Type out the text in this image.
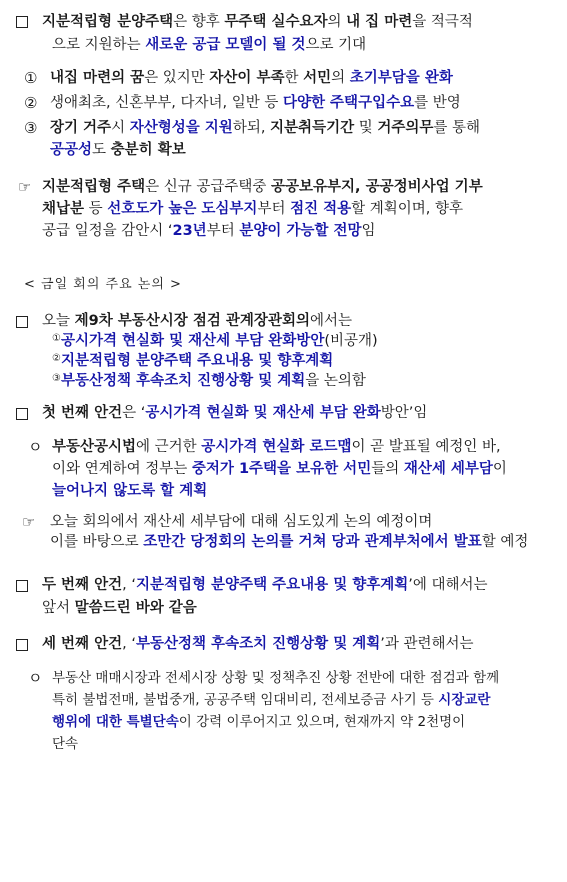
지분적립형 분양주택은 향후 무주택 실수요자의 내 집 마련을 적극적
으로 지원하는 새로운 공급 모델이 될 것으로 기대
① 내집 마련의 꿈은 있지만 자산이 부족한 서민의 초기부담을 완화
② 생애최초, 신혼부부, 다자녀, 일반 등 다양한 주택구입수요를 반영
③ 장기 거주시 자산형성을 지원하되, 지분취득기간 및 거주의무를 통해
공공성도 충분히 확보
☞ 지분적립형 주택은 신규 공급주택중 공공보유부지, 공공정비사업 기부
채납분 등 선호도가 높은 도심부지부터 점진 적용할 계획이며, 향후
공급 일정을 감안시 ‘23년부터 분양이 가능할 전망임
< 금일 회의 주요 논의 >
오늘 제9차 부동산시장 점검 관계장관회의에서는
①공시가격 현실화 및 재산세 부담 완화방안(비공개)
②지분적립형 분양주택 주요내용 및 향후계획
③부동산정책 후속조치 진행상황 및 계획을 논의함
첫 번째 안건은 ‘공시가격 현실화 및 재산세 부담 완화방안’임
ㅇ 부동산공시법에 근거한 공시가격 현실화 로드맵이 곧 발표될 예정인 바,
이와 연계하여 정부는 중저가 1주택을 보유한 서민들의 재산세 세부담이
늘어나지 않도록 할 계획
☞ 오늘 회의에서 재산세 세부담에 대해 심도있게 논의 예정이며
이를 바탕으로 조만간 당정회의 논의를 거쳐 당과 관계부처에서 발표할 예정
두 번째 안건, ‘지분적립형 분양주택 주요내용 및 향후계획’에 대해서는
앞서 말씀드린 바와 같음
세 번째 안건, ‘부동산정책 후속조치 진행상황 및 계획’과 관련해서는
ㅇ 부동산 매매시장과 전세시장 상황 및 정책추진 상황 전반에 대한 점검과 함께
특히 불법전매, 불법중개, 공공주택 임대비리, 전세보증금 사기 등 시장교란
행위에 대한 특별단속이 강력 이루어지고 있으며, 현재까지 약 2천명이
단속
